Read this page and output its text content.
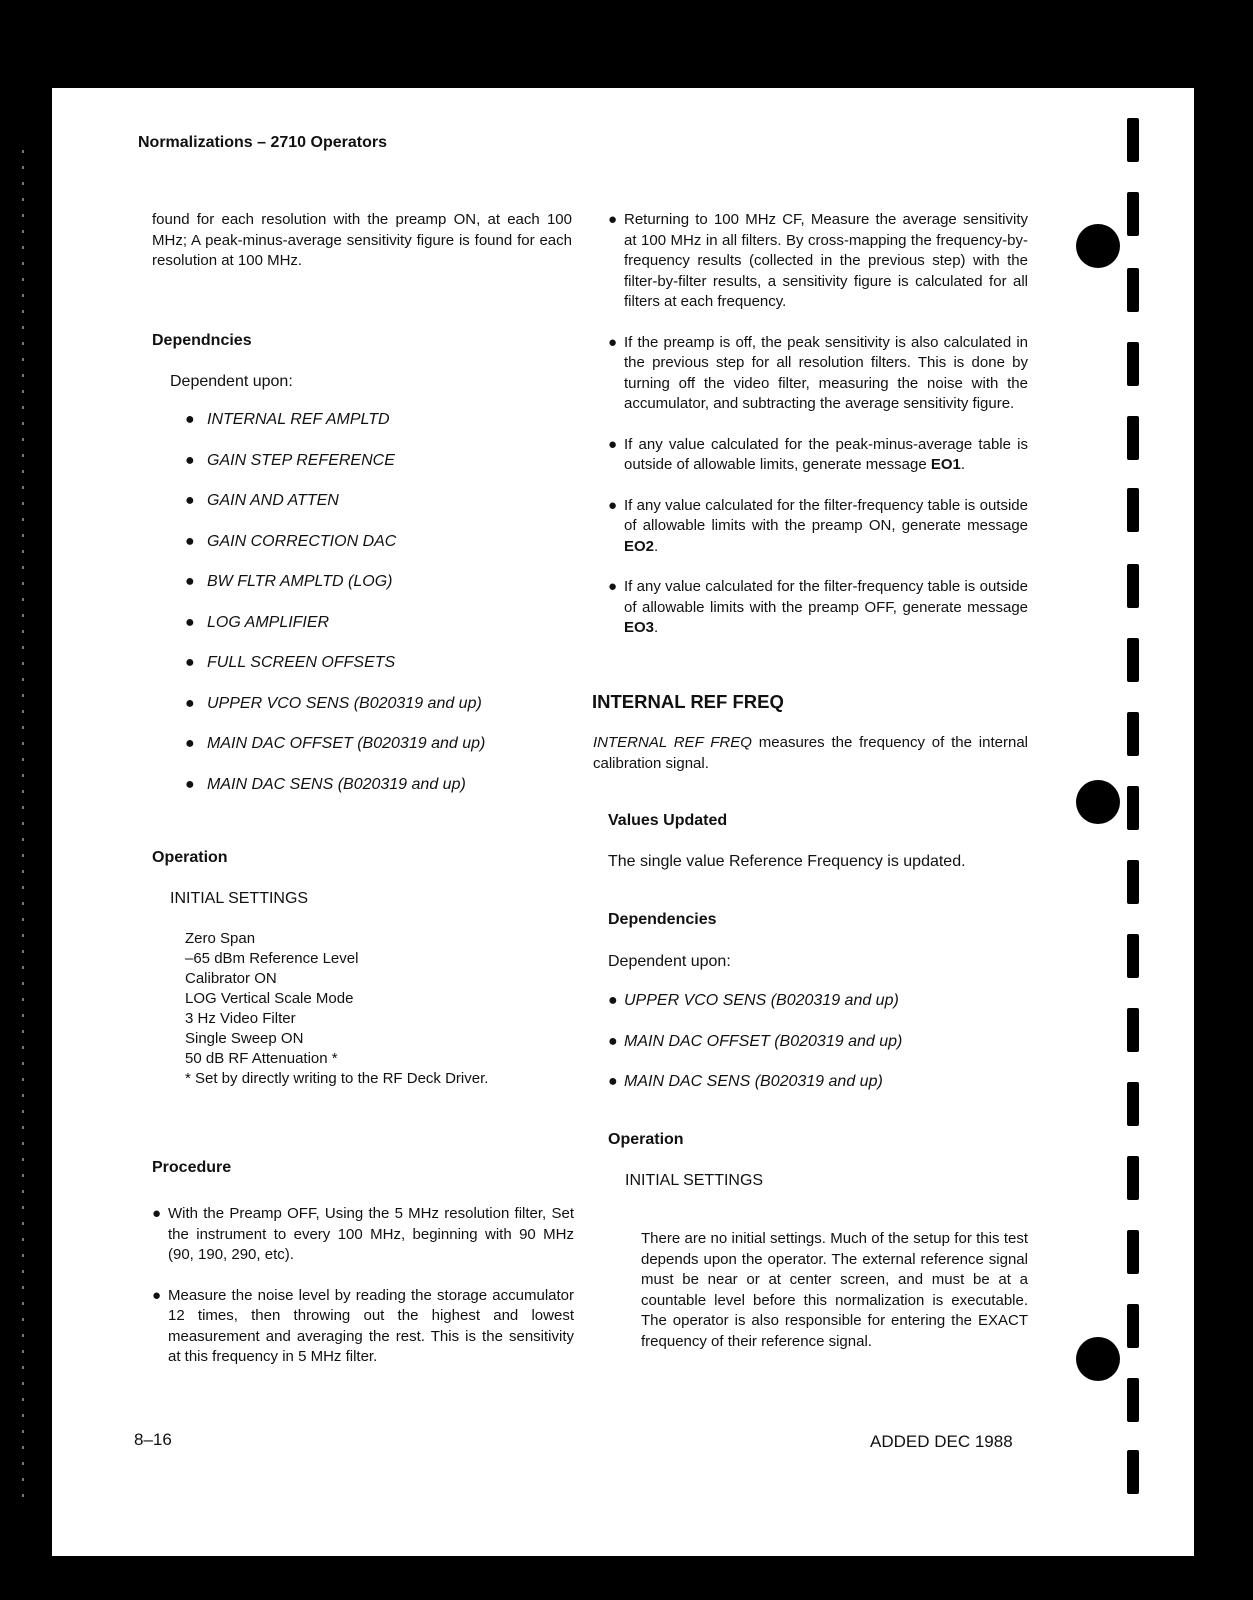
Normalizations – 2710 Operators
found for each resolution with the preamp ON, at each 100 MHz; A peak-minus-average sensitivity figure is found for each resolution at 100 MHz.
Dependncies
Dependent upon:
● INTERNAL REF AMPLTD
● GAIN STEP REFERENCE
● GAIN AND ATTEN
● GAIN CORRECTION DAC
● BW FLTR AMPLTD (LOG)
● LOG AMPLIFIER
● FULL SCREEN OFFSETS
● UPPER VCO SENS (B020319 and up)
● MAIN DAC OFFSET (B020319 and up)
● MAIN DAC SENS (B020319 and up)
Operation
INITIAL SETTINGS
Zero Span
–65 dBm Reference Level
Calibrator ON
LOG Vertical Scale Mode
3 Hz Video Filter
Single Sweep ON
50 dB RF Attenuation *
* Set by directly writing to the RF Deck Driver.
Procedure
● With the Preamp OFF, Using the 5 MHz resolution filter, Set the instrument to every 100 MHz, beginning with 90 MHz (90, 190, 290, etc).
● Measure the noise level by reading the storage accumulator 12 times, then throwing out the highest and lowest measurement and averaging the rest. This is the sensitivity at this frequency in 5 MHz filter.
● Returning to 100 MHz CF, Measure the average sensitivity at 100 MHz in all filters. By cross-mapping the frequency-by-frequency results (collected in the previous step) with the filter-by-filter results, a sensitivity figure is calculated for all filters at each frequency.
● If the preamp is off, the peak sensitivity is also calculated in the previous step for all resolution filters. This is done by turning off the video filter, measuring the noise with the accumulator, and subtracting the average sensitivity figure.
● If any value calculated for the peak-minus-average table is outside of allowable limits, generate message EO1.
● If any value calculated for the filter-frequency table is outside of allowable limits with the preamp ON, generate message EO2.
● If any value calculated for the filter-frequency table is outside of allowable limits with the preamp OFF, generate message EO3.
INTERNAL REF FREQ
INTERNAL REF FREQ measures the frequency of the internal calibration signal.
Values Updated
The single value Reference Frequency is updated.
Dependencies
Dependent upon:
● UPPER VCO SENS (B020319 and up)
● MAIN DAC OFFSET (B020319 and up)
● MAIN DAC SENS (B020319 and up)
Operation
INITIAL SETTINGS
There are no initial settings. Much of the setup for this test depends upon the operator. The external reference signal must be near or at center screen, and must be at a countable level before this normalization is executable. The operator is also responsible for entering the EXACT frequency of their reference signal.
8–16	ADDED DEC 1988
